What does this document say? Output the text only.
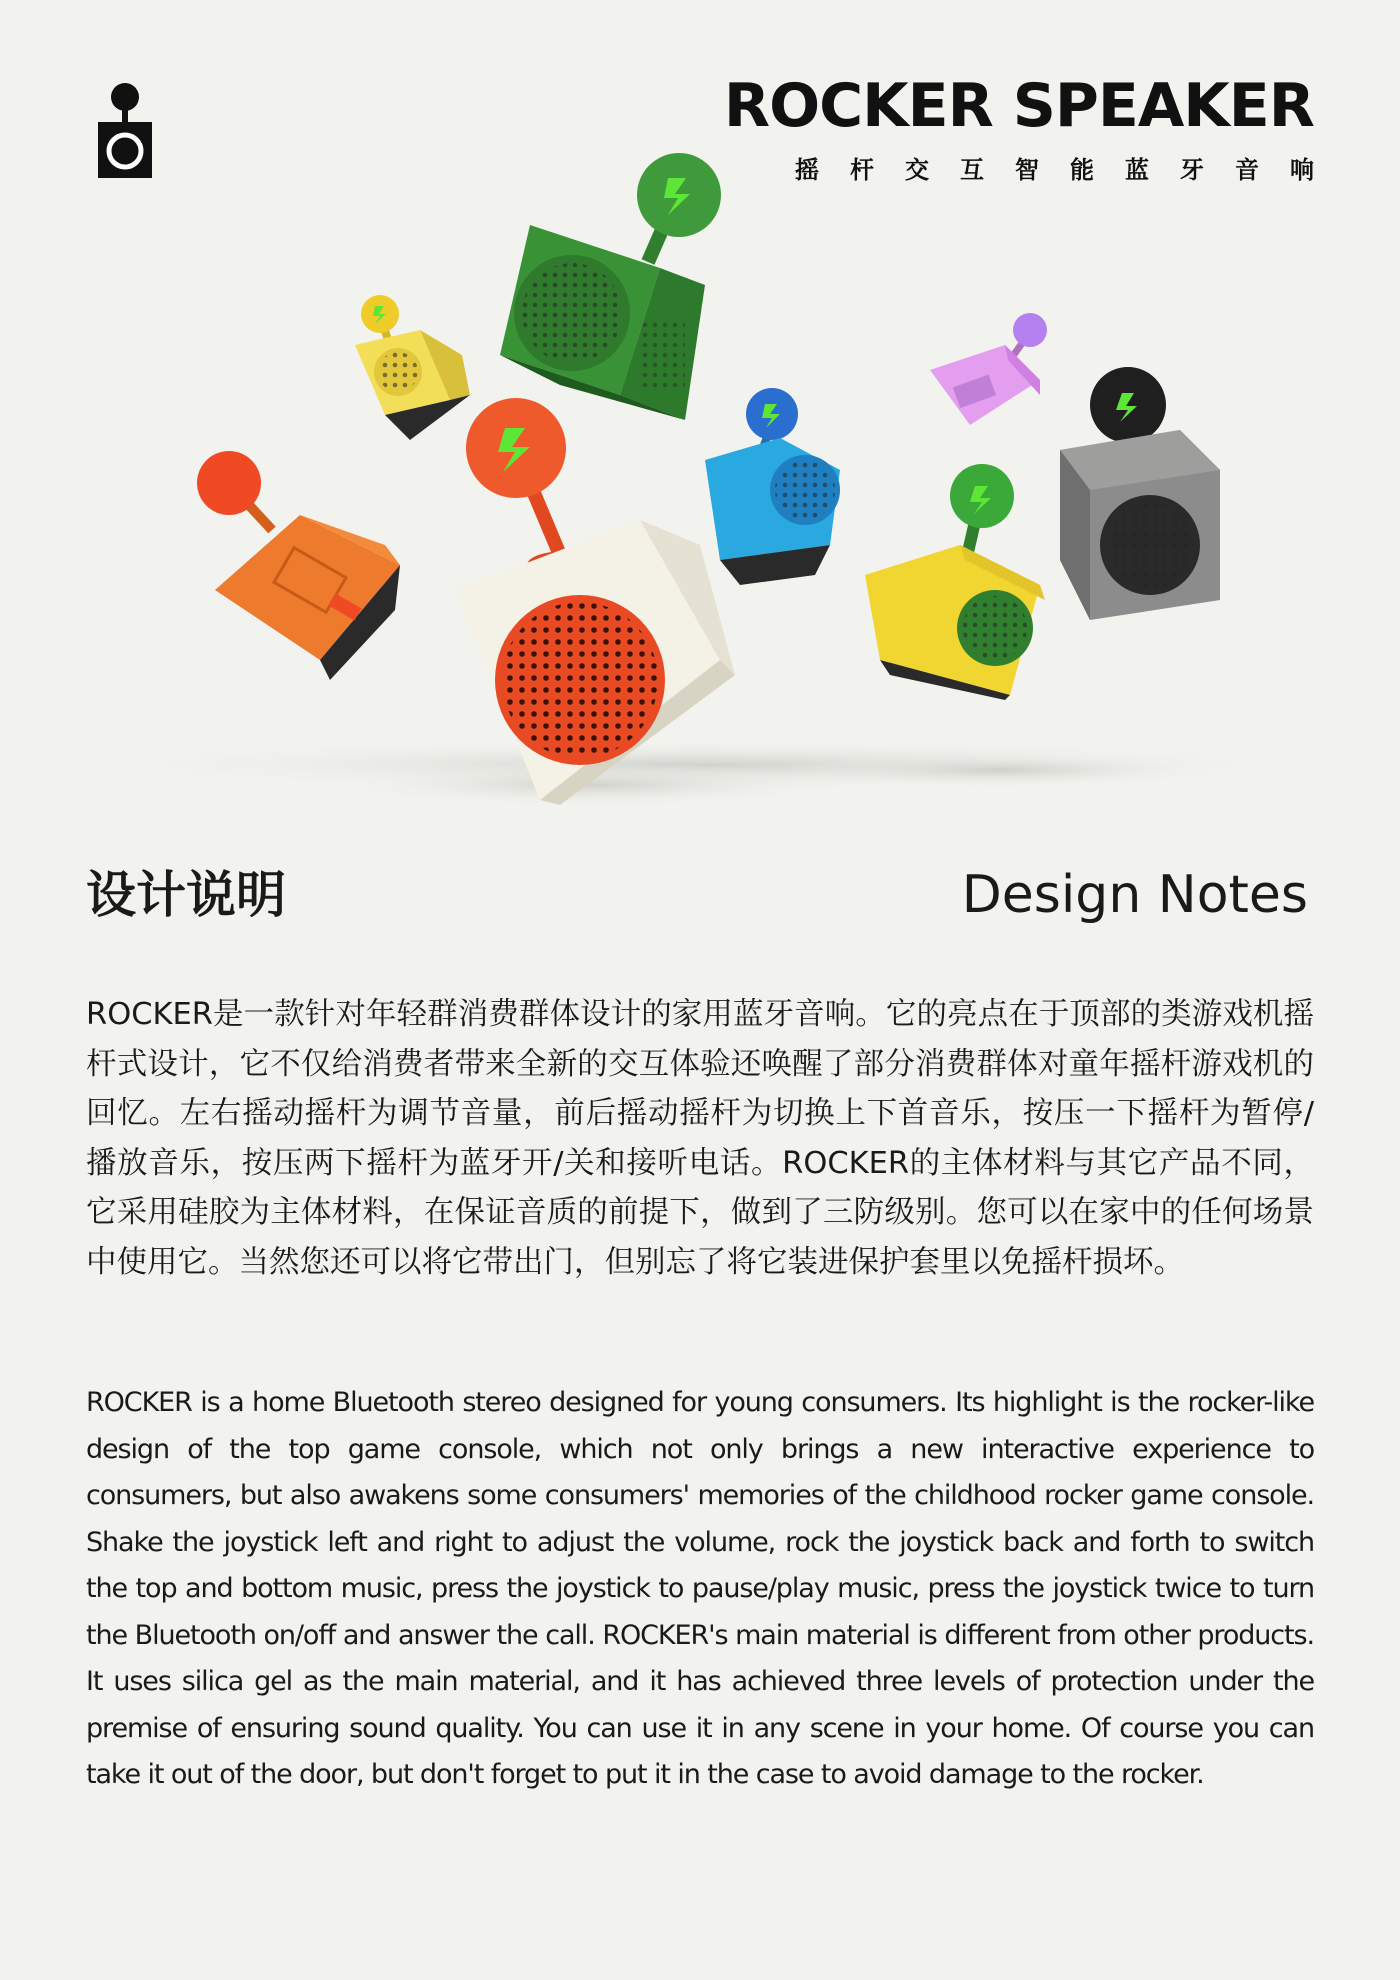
ROCKER SPEAKER
摇杆交互智能蓝牙音响
设计说明	Design Notes

ROCKER是一款针对年轻群消费群体设计的家用蓝牙音响。它的亮点在于顶部的类游戏机摇杆式设计，它不仅给消费者带来全新的交互体验还唤醒了部分消费群体对童年摇杆游戏机的回忆。左右摇动摇杆为调节音量，前后摇动摇杆为切换上下首音乐，按压一下摇杆为暂停/播放音乐，按压两下摇杆为蓝牙开/关和接听电话。ROCKER的主体材料与其它产品不同，它采用硅胶为主体材料，在保证音质的前提下，做到了三防级别。您可以在家中的任何场景中使用它。当然您还可以将它带出门，但别忘了将它装进保护套里以免摇杆损坏。

ROCKER is a home Bluetooth stereo designed for young consumers. Its highlight is the rocker-like design of the top game console, which not only brings a new interactive experience to consumers, but also awakens some consumers' memories of the childhood rocker game console. Shake the joystick left and right to adjust the volume, rock the joystick back and forth to switch the top and bottom music, press the joystick to pause/play music, press the joystick twice to turn the Bluetooth on/off and answer the call. ROCKER's main material is different from other products. It uses silica gel as the main material, and it has achieved three levels of protection under the premise of ensuring sound quality. You can use it in any scene in your home. Of course you can take it out of the door, but don't forget to put it in the case to avoid damage to the rocker.
